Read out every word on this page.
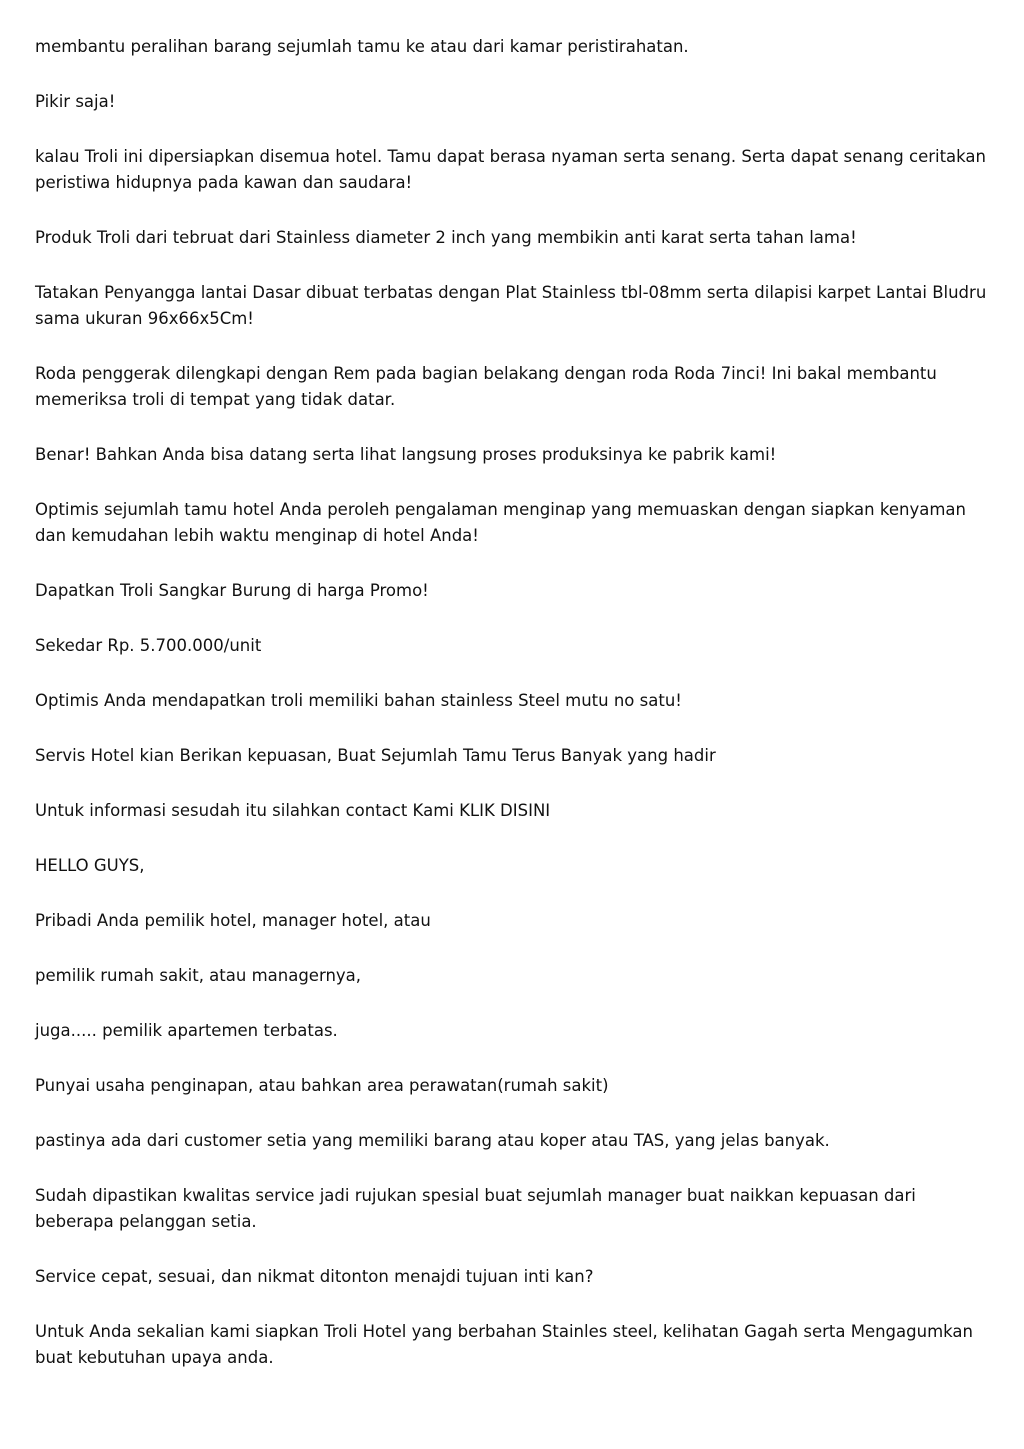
membantu peralihan barang sejumlah tamu ke atau dari kamar peristirahatan.

Pikir saja!

kalau Troli ini dipersiapkan disemua hotel. Tamu dapat berasa nyaman serta senang. Serta dapat senang ceritakan peristiwa hidupnya pada kawan dan saudara!

Produk Troli dari tebruat dari Stainless diameter 2 inch yang membikin anti karat serta tahan lama!

Tatakan Penyangga lantai Dasar dibuat terbatas dengan Plat Stainless tbl-08mm serta dilapisi karpet Lantai Bludru sama ukuran 96x66x5Cm!

Roda penggerak dilengkapi dengan Rem pada bagian belakang dengan roda Roda 7inci! Ini bakal membantu memeriksa troli di tempat yang tidak datar.

Benar! Bahkan Anda bisa datang serta lihat langsung proses produksinya ke pabrik kami!

Optimis sejumlah tamu hotel Anda peroleh pengalaman menginap yang memuaskan dengan siapkan kenyaman dan kemudahan lebih waktu menginap di hotel Anda!

Dapatkan Troli Sangkar Burung di harga Promo!

Sekedar Rp. 5.700.000/unit

Optimis Anda mendapatkan troli memiliki bahan stainless Steel mutu no satu!

Servis Hotel kian Berikan kepuasan, Buat Sejumlah Tamu Terus Banyak yang hadir

Untuk informasi sesudah itu silahkan contact Kami KLIK DISINI

HELLO GUYS,

Pribadi Anda pemilik hotel, manager hotel, atau

pemilik rumah sakit, atau managernya,

juga..... pemilik apartemen terbatas.

Punyai usaha penginapan, atau bahkan area perawatan(rumah sakit)

pastinya ada dari customer setia yang memiliki barang atau koper atau TAS, yang jelas banyak.

Sudah dipastikan kwalitas service jadi rujukan spesial buat sejumlah manager buat naikkan kepuasan dari beberapa pelanggan setia.

Service cepat, sesuai, dan nikmat ditonton menajdi tujuan inti kan?

Untuk Anda sekalian kami siapkan Troli Hotel yang berbahan Stainles steel, kelihatan Gagah serta Mengagumkan buat kebutuhan upaya anda.
